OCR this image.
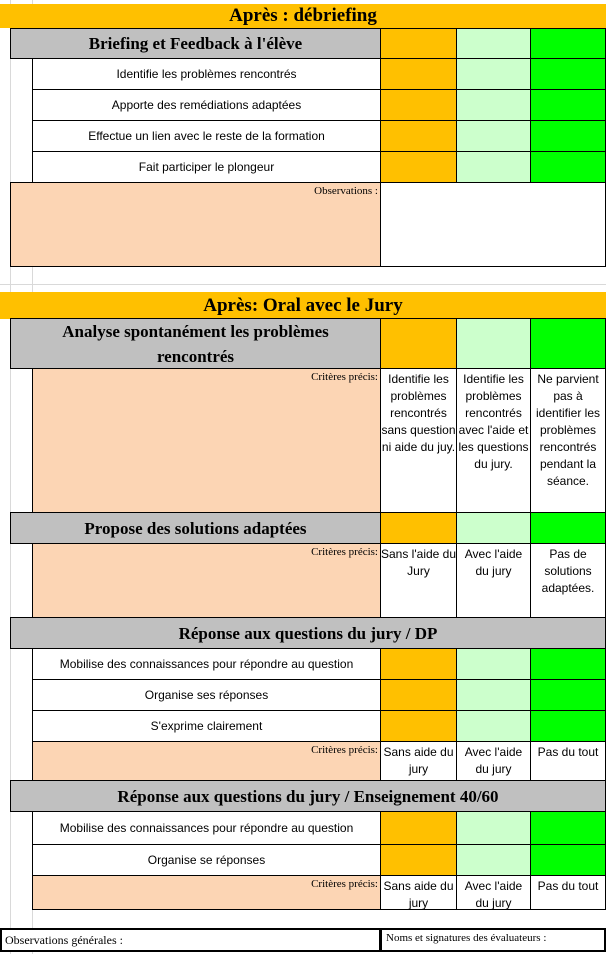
Après : débriefing
Briefing et Feedback à l'élève
Identifie les problèmes rencontrés
Apporte des remédiations adaptées
Effectue un lien avec le reste de la formation
Fait participer le plongeur
Observations :
Après: Oral avec le Jury
Analyse spontanément les problèmes rencontrés
Critères précis: Identifie les problèmes rencontrés sans question ni aide du juy.
Identifie les problèmes rencontrés avec l'aide et les questions du jury.
Ne parvient pas à identifier les problèmes rencontrés pendant la séance.
Propose des solutions adaptées
Critères précis: Sans l'aide du Jury
Avec l'aide du jury
Pas de solutions adaptées.
Réponse aux questions du jury / DP
Mobilise des connaissances pour répondre au question
Organise ses réponses
S'exprime clairement
Critères précis: Sans aide du jury
Avec l'aide du jury
Pas du tout
Réponse aux questions du jury / Enseignement 40/60
Mobilise des connaissances pour répondre au question
Organise se réponses
Critères précis: Sans aide du jury
Avec l'aide du jury
Pas du tout
Observations générales :	Noms et signatures des évaluateurs :
